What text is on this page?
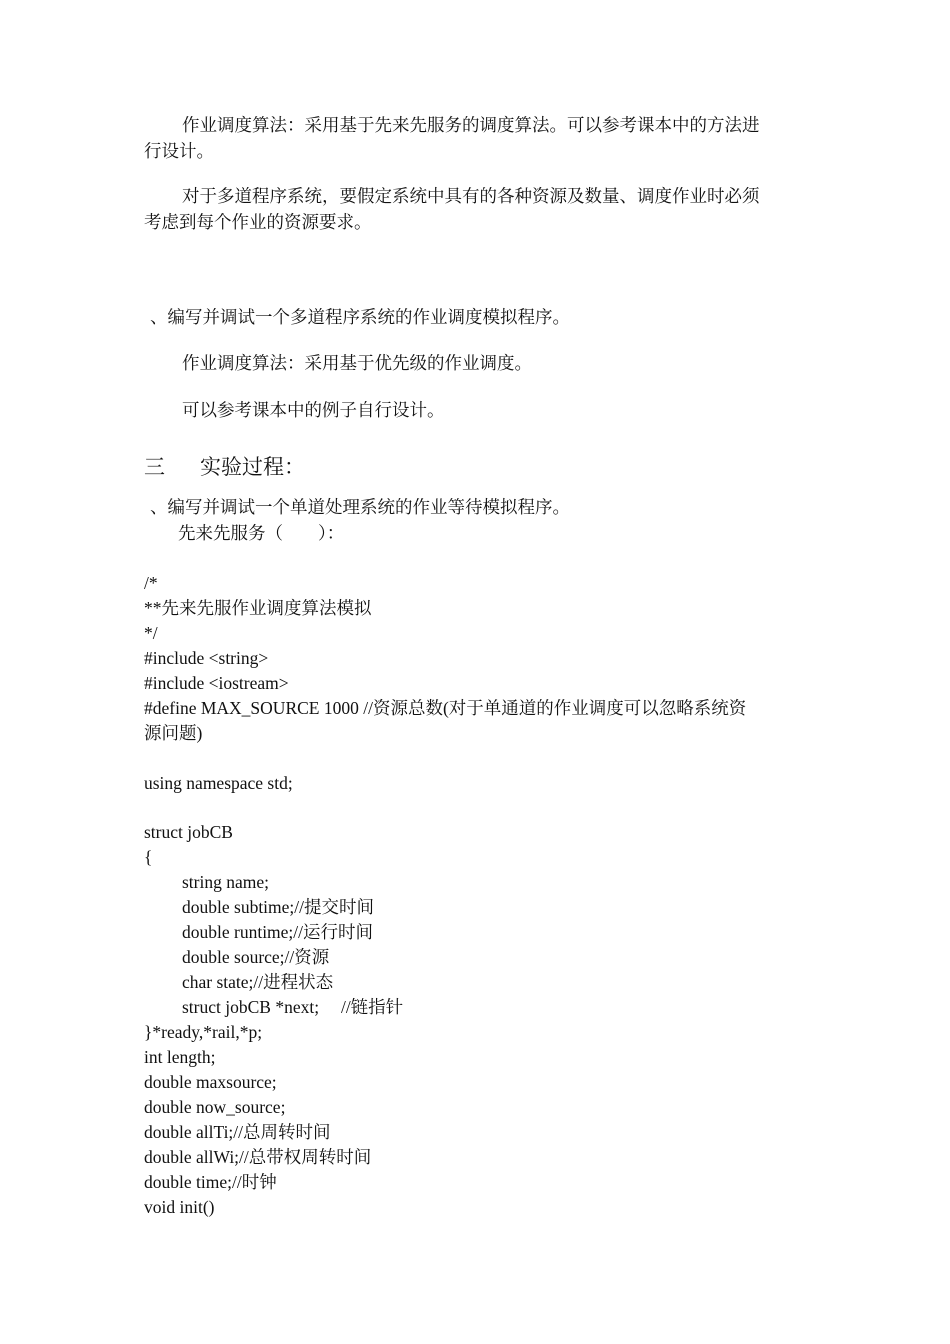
作业调度算法：采用基于先来先服务的调度算法。可以参考课本中的方法进
行设计。
对于多道程序系统，要假定系统中具有的各种资源及数量、调度作业时必须
考虑到每个作业的资源要求。
、编写并调试一个多道程序系统的作业调度模拟程序。
作业调度算法：采用基于优先级的作业调度。
可以参考课本中的例子自行设计。
三 实验过程：
、编写并调试一个单道处理系统的作业等待模拟程序。
先来先服务（　　）：
/*
**先来先服作业调度算法模拟
*/
#include <string>
#include <iostream>
#define MAX_SOURCE 1000 //资源总数(对于单通道的作业调度可以忽略系统资
源问题)
using namespace std;
struct jobCB
{
string name;
double subtime;//提交时间
double runtime;//运行时间
double source;//资源
char state;//进程状态
struct jobCB *next;     //链指针
}*ready,*rail,*p;
int length;
double maxsource;
double now_source;
double allTi;//总周转时间
double allWi;//总带权周转时间
double time;//时钟
void init()
